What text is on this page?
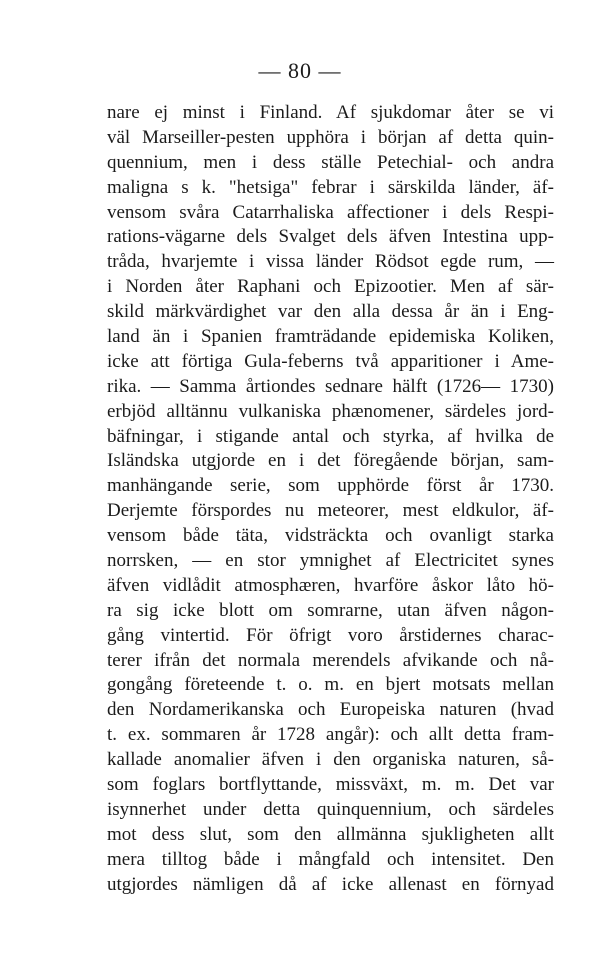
— 80 —
nare ej minst i Finland. Af sjukdomar åter se vi
väl Marseiller-pesten upphöra i början af detta quin-
quennium, men i dess ställe Petechial- och andra
maligna s k. "hetsiga" febrar i särskilda länder, äf-
vensom svåra Catarrhaliska affectioner i dels Respi-
rations-vägarne dels Svalget dels äfven Intestina upp-
tråda, hvarjemte i vissa länder Rödsot egde rum, —
i Norden åter Raphani och Epizootier. Men af sär-
skild märkvärdighet var den alla dessa år än i Eng-
land än i Spanien framträdande epidemiska Koliken,
icke att förtiga Gula-feberns två apparitioner i Ame-
rika. — Samma årtiondes sednare hälft (1726— 1730)
erbjöd alltännu vulkaniska phænomener, särdeles jord-
bäfningar, i stigande antal och styrka, af hvilka de
Isländska utgjorde en i det föregående början, sam-
manhängande serie, som upphörde först år 1730.
Derjemte förspordes nu meteorer, mest eldkulor, äf-
vensom både täta, vidsträckta och ovanligt starka
norrsken, — en stor ymnighet af Electricitet synes
äfven vidlådit atmosphæren, hvarföre åskor låto hö-
ra sig icke blott om somrarne, utan äfven någon-
gång vintertid. För öfrigt voro årstidernes charac-
terer ifrån det normala merendels afvikande och nå-
gongång företeende t. o. m. en bjert motsats mellan
den Nordamerikanska och Europeiska naturen (hvad
t. ex. sommaren år 1728 angår): och allt detta fram-
kallade anomalier äfven i den organiska naturen, så-
som foglars bortflyttande, missväxt, m. m. Det var
isynnerhet under detta quinquennium, och särdeles
mot dess slut, som den allmänna sjukligheten allt
mera tilltog både i mångfald och intensitet. Den
utgjordes nämligen då af icke allenast en förnyad
